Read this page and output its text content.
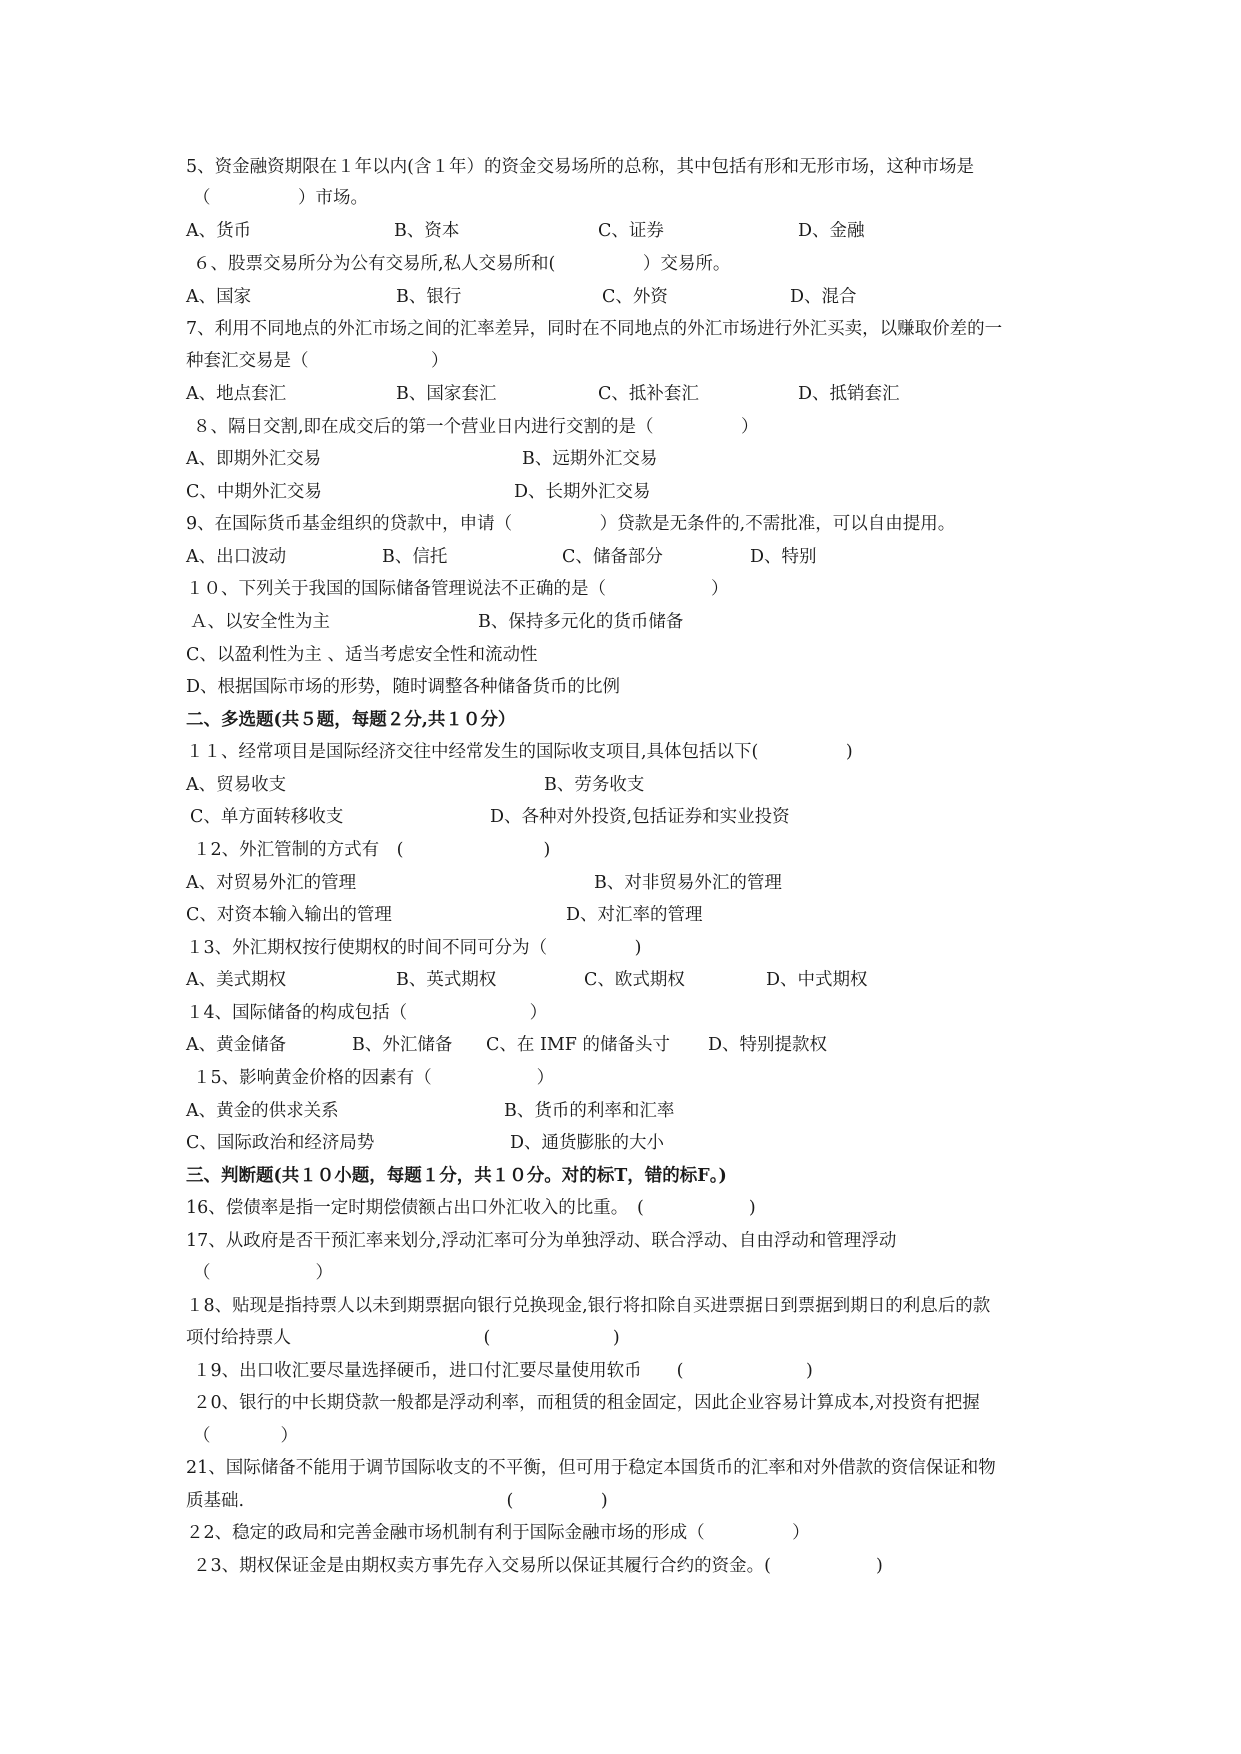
5、资金融资期限在１年以内(含１年）的资金交易场所的总称，其中包括有形和无形市场，这种市场是
（　　　　　）市场。
A、货币	B、资本	C、证券	D、金融
６、股票交易所分为公有交易所,私人交易所和(　　　　　）交易所。
A、国家	B、银行	C、外资	D、混合
7、利用不同地点的外汇市场之间的汇率差异，同时在不同地点的外汇市场进行外汇买卖，以赚取价差的一
种套汇交易是（　　　　　　　）
A、地点套汇	B、国家套汇	C、抵补套汇	D、抵销套汇
８、隔日交割,即在成交后的第一个营业日内进行交割的是（　　　　　）
A、即期外汇交易	B、远期外汇交易
C、中期外汇交易	D、长期外汇交易
9、在国际货币基金组织的贷款中，申请（　　　　　）贷款是无条件的,不需批准，可以自由提用。
A、出口波动	B、信托	C、储备部分	D、特别
１０、下列关于我国的国际储备管理说法不正确的是（　　　　　　）
Ａ、以安全性为主	B、保持多元化的货币储备
C、以盈利性为主 、适当考虑安全性和流动性
D、根据国际市场的形势，随时调整各种储备货币的比例
二、多选题(共５题，每题２分,共１０分）
１１、经常项目是国际经济交往中经常发生的国际收支项目,具体包括以下(　　　　　)
A、贸易收支	B、劳务收支
C、单方面转移收支	D、各种对外投资,包括证券和实业投资
１2、外汇管制的方式有　(　　　　　　　　)
A、对贸易外汇的管理	B、对非贸易外汇的管理
C、对资本输入输出的管理	D、对汇率的管理
１3、外汇期权按行使期权的时间不同可分为（　　　　　)
A、美式期权	B、英式期权	C、欧式期权	D、中式期权
１4、国际储备的构成包括（　　　　　　　）
A、黄金储备	B、外汇储备 C、在 IMF 的储备头寸 D、特别提款权
１5、影响黄金价格的因素有（　　　　　　）
A、黄金的供求关系	B、货币的利率和汇率
C、国际政治和经济局势	D、通货膨胀的大小
三、判断题(共１０小题，每题１分，共１０分。对的标T，错的标F。)
16、偿债率是指一定时期偿债额占出口外汇收入的比重。　(　　　　　　)
17、从政府是否干预汇率来划分,浮动汇率可分为单独浮动、联合浮动、自由浮动和管理浮动
（　　　　　　）
１8、贴现是指持票人以未到期票据向银行兑换现金,银行将扣除自买进票据日到票据到期日的利息后的款
项付给持票人　　　　　　　　　　　(　　　　　　　)
１9、出口收汇要尽量选择硬币，进口付汇要尽量使用软币　　(　　　　　　　)
２0、银行的中长期贷款一般都是浮动利率，而租赁的租金固定，因此企业容易计算成本,对投资有把握
（　　　　）
21、国际储备不能用于调节国际收支的不平衡，但可用于稳定本国货币的汇率和对外借款的资信保证和物
质基础.　　　　　　　　　　　　　　　(　　　　　)
２2、稳定的政局和完善金融市场机制有利于国际金融市场的形成（　　　　　）
２3、期权保证金是由期权卖方事先存入交易所以保证其履行合约的资金。(　　　　　　)
